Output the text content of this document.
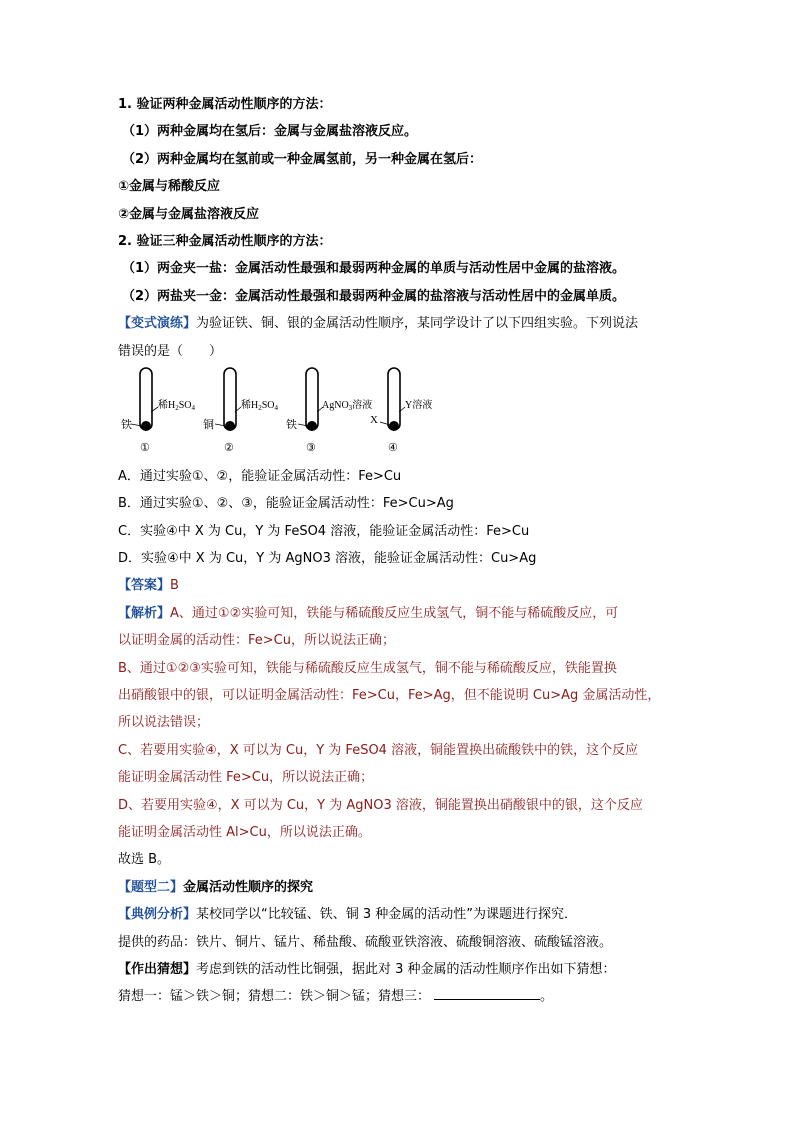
1. 验证两种金属活动性顺序的方法：
（1）两种金属均在氢后：金属与金属盐溶液反应。
（2）两种金属均在氢前或一种金属氢前，另一种金属在氢后：
①金属与稀酸反应
②金属与金属盐溶液反应
2. 验证三种金属活动性顺序的方法：
（1）两金夹一盐：金属活动性最强和最弱两种金属的单质与活动性居中金属的盐溶液。
（2）两盐夹一金：金属活动性最强和最弱两种金属的盐溶液与活动性居中的金属单质。
【变式演练】为验证铁、铜、银的金属活动性顺序，某同学设计了以下四组实验。下列说法
错误的是（　　）
铁
稀$H_2SO_4$
①
铜
稀$H_2SO_4$
②
铁
AgNO$_3$溶液
③
X
Y溶液
④
A．通过实验①、②，能验证金属活动性：Fe>Cu
B．通过实验①、②、③，能验证金属活动性：Fe>Cu>Ag
C．实验④中 X 为 Cu，Y 为 FeSO4 溶液，能验证金属活动性：Fe>Cu
D．实验④中 X 为 Cu，Y 为 AgNO3 溶液，能验证金属活动性：Cu>Ag
【答案】B
【解析】A、通过①②实验可知，铁能与稀硫酸反应生成氢气，铜不能与稀硫酸反应，可
以证明金属的活动性：Fe>Cu，所以说法正确；
B、通过①②③实验可知，铁能与稀硫酸反应生成氢气，铜不能与稀硫酸反应，铁能置换
出硝酸银中的银，可以证明金属活动性：Fe>Cu，Fe>Ag，但不能说明 Cu>Ag 金属活动性，
所以说法错误；
C、若要用实验④，X 可以为 Cu，Y 为 FeSO4 溶液，铜能置换出硫酸铁中的铁，这个反应
能证明金属活动性 Fe>Cu，所以说法正确；
D、若要用实验④，X 可以为 Cu，Y 为 AgNO3 溶液，铜能置换出硝酸银中的银，这个反应
能证明金属活动性 Al>Cu，所以说法正确。
故选 B。
【题型二】金属活动性顺序的探究
【典例分析】某校同学以“比较锰、铁、铜 3 种金属的活动性”为课题进行探究．
提供的药品：铁片、铜片、锰片、稀盐酸、硫酸亚铁溶液、硫酸铜溶液、硫酸锰溶液。
【作出猜想】考虑到铁的活动性比铜强，据此对 3 种金属的活动性顺序作出如下猜想：
猜想一：锰＞铁＞铜；猜想二：铁＞铜＞锰；猜想三：	。
